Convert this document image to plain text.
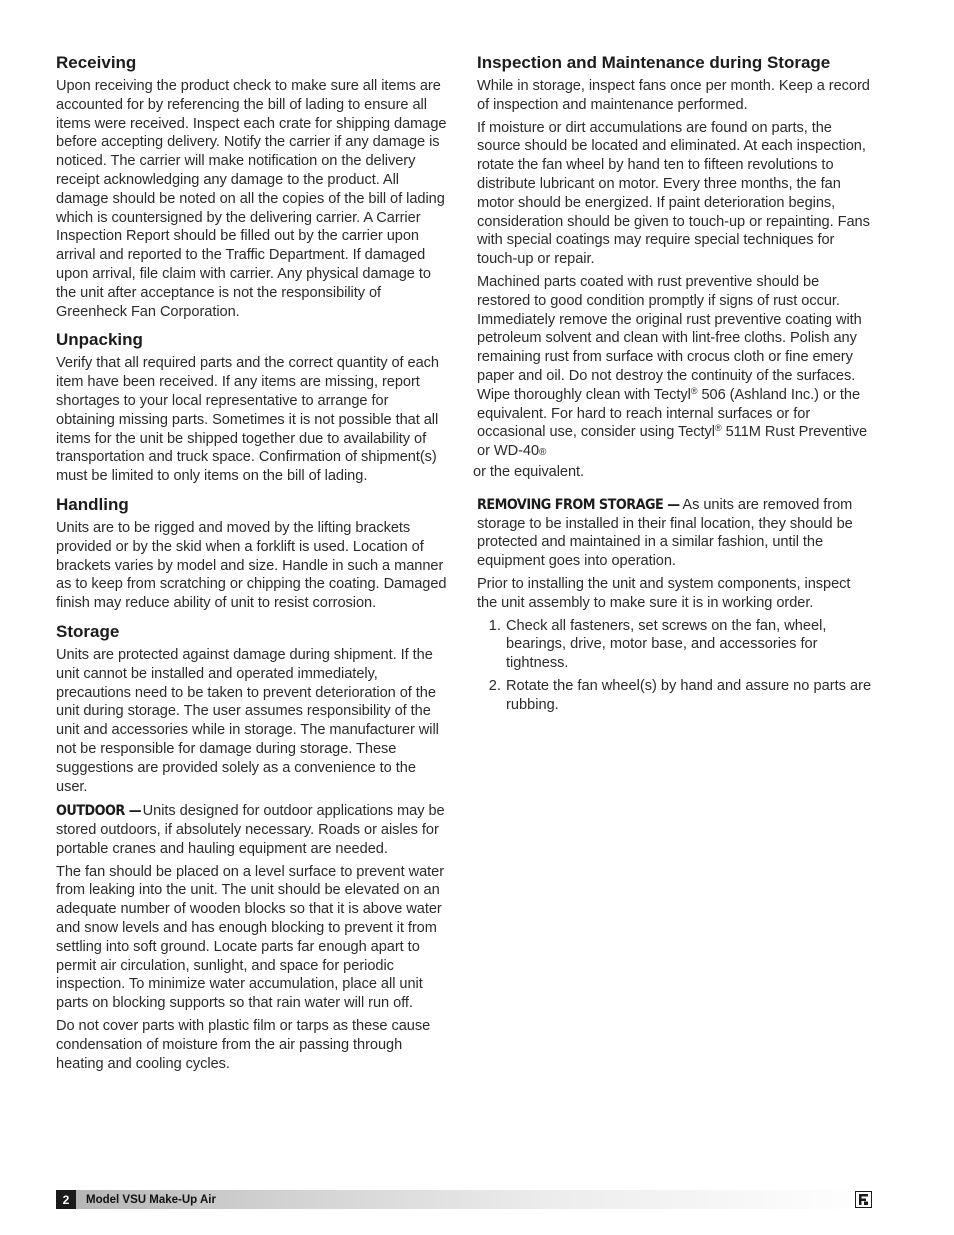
Receiving

Upon receiving the product check to make sure all items are accounted for by referencing the bill of lading to ensure all items were received. Inspect each crate for shipping damage before accepting delivery. Notify the carrier if any damage is noticed. The carrier will make notification on the delivery receipt acknowledging any damage to the product. All damage should be noted on all the copies of the bill of lading which is countersigned by the delivering carrier. A Carrier Inspection Report should be filled out by the carrier upon arrival and reported to the Traffic Department. If damaged upon arrival, file claim with carrier. Any physical damage to the unit after acceptance is not the responsibility of Greenheck Fan Corporation.

Unpacking

Verify that all required parts and the correct quantity of each item have been received. If any items are missing, report shortages to your local representative to arrange for obtaining missing parts. Sometimes it is not possible that all items for the unit be shipped together due to availability of transportation and truck space. Confirmation of shipment(s) must be limited to only items on the bill of lading.

Handling

Units are to be rigged and moved by the lifting brackets provided or by the skid when a forklift is used. Location of brackets varies by model and size. Handle in such a manner as to keep from scratching or chipping the coating. Damaged finish may reduce ability of unit to resist corrosion.

Storage

Units are protected against damage during shipment. If the unit cannot be installed and operated immediately, precautions need to be taken to prevent deterioration of the unit during storage. The user assumes responsibility of the unit and accessories while in storage. The manufacturer will not be responsible for damage during storage. These suggestions are provided solely as a convenience to the user.

OUTDOOR — Units designed for outdoor applications may be stored outdoors, if absolutely necessary. Roads or aisles for portable cranes and hauling equipment are needed.

The fan should be placed on a level surface to prevent water from leaking into the unit. The unit should be elevated on an adequate number of wooden blocks so that it is above water and snow levels and has enough blocking to prevent it from settling into soft ground. Locate parts far enough apart to permit air circulation, sunlight, and space for periodic inspection. To minimize water accumulation, place all unit parts on blocking supports so that rain water will run off.

Do not cover parts with plastic film or tarps as these cause condensation of moisture from the air passing through heating and cooling cycles.

Inspection and Maintenance during Storage

While in storage, inspect fans once per month. Keep a record of inspection and maintenance performed.

If moisture or dirt accumulations are found on parts, the source should be located and eliminated. At each inspection, rotate the fan wheel by hand ten to fifteen revolutions to distribute lubricant on motor. Every three months, the fan motor should be energized. If paint deterioration begins, consideration should be given to touch-up or repainting. Fans with special coatings may require special techniques for touch-up or repair.

Machined parts coated with rust preventive should be restored to good condition promptly if signs of rust occur. Immediately remove the original rust preventive coating with petroleum solvent and clean with lint-free cloths. Polish any remaining rust from surface with crocus cloth or fine emery paper and oil. Do not destroy the continuity of the surfaces. Wipe thoroughly clean with Tectyl® 506 (Ashland Inc.) or the equivalent. For hard to reach internal surfaces or for occasional use, consider using Tectyl® 511M Rust Preventive or WD-40®
or the equivalent.

REMOVING FROM STORAGE — As units are removed from storage to be installed in their final location, they should be protected and maintained in a similar fashion, until the equipment goes into operation.

Prior to installing the unit and system components, inspect the unit assembly to make sure it is in working order.

1. Check all fasteners, set screws on the fan, wheel, bearings, drive, motor base, and accessories for tightness.
2. Rotate the fan wheel(s) by hand and assure no parts are rubbing.
2	Model VSU Make-Up Air
